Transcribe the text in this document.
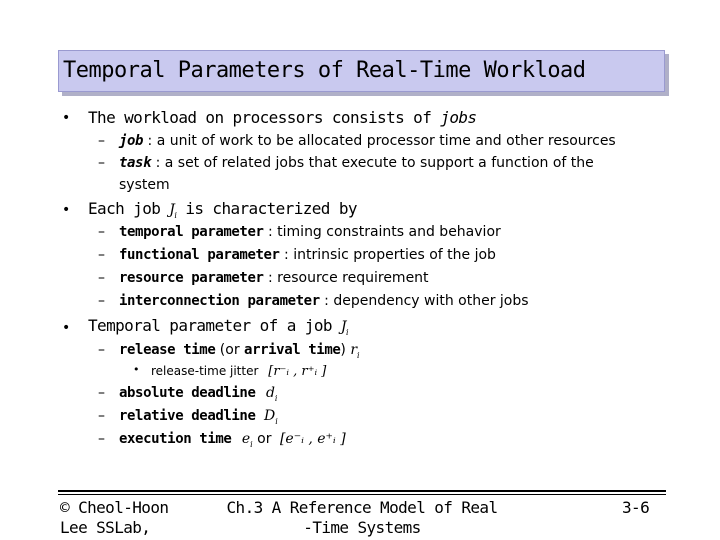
Temporal Parameters of Real-Time Workload
• The workload on processors consists of jobs
– job : a unit of work to be allocated processor time and other resources
– task : a set of related jobs that execute to support a function of the
system
• Each job $J_i$ is characterized by
– temporal parameter : timing constraints and behavior
– functional parameter : intrinsic properties of the job
– resource parameter : resource requirement
– interconnection parameter : dependency with other jobs
• Temporal parameter of a job $J_i$
– release time (or arrival time) $r_i$
• release-time jitter [r⁻ᵢ , r⁺ᵢ ]
– absolute deadline $d_i$
– relative deadline $D_i$
– execution time $e_i$ or [e⁻ᵢ , e⁺ᵢ ]
© Cheol-Hoon
Lee SSLab,
Ch.3 A Reference Model of Real
-Time Systems
3-6
